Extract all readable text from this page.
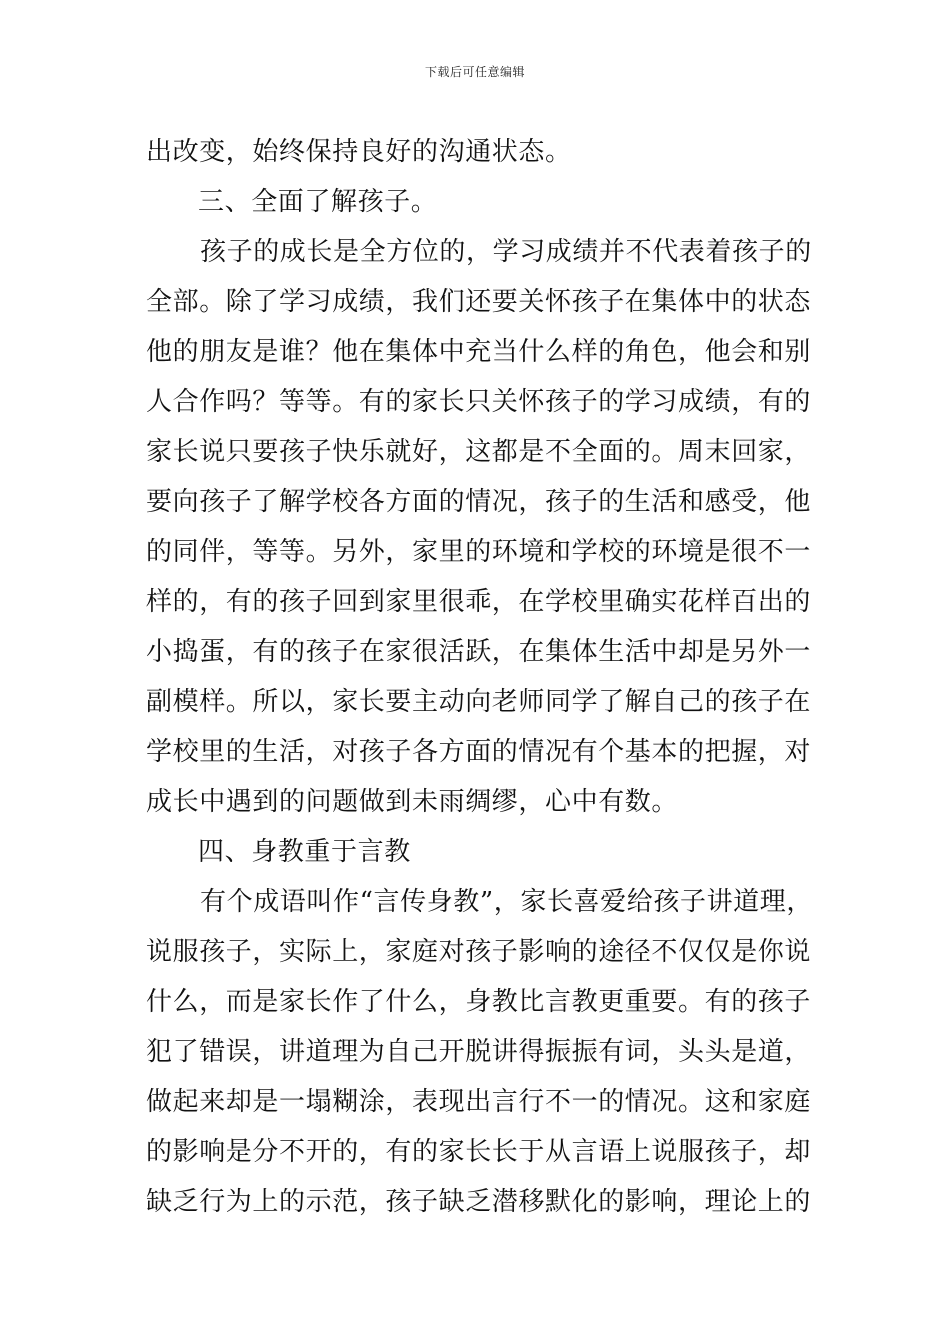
下载后可任意编辑
出改变，始终保持良好的沟通状态。
三、全面了解孩子。
孩子的成长是全方位的，学习成绩并不代表着孩子的
全部。除了学习成绩，我们还要关怀孩子在集体中的状态
他的朋友是谁？他在集体中充当什么样的角色，他会和别
人合作吗？等等。有的家长只关怀孩子的学习成绩，有的
家长说只要孩子快乐就好，这都是不全面的。周末回家，
要向孩子了解学校各方面的情况，孩子的生活和感受，他
的同伴，等等。另外，家里的环境和学校的环境是很不一
样的，有的孩子回到家里很乖，在学校里确实花样百出的
小捣蛋，有的孩子在家很活跃，在集体生活中却是另外一
副模样。所以，家长要主动向老师同学了解自己的孩子在
学校里的生活，对孩子各方面的情况有个基本的把握，对
成长中遇到的问题做到未雨绸缪，心中有数。
四、身教重于言教
有个成语叫作“言传身教”，家长喜爱给孩子讲道理，
说服孩子，实际上，家庭对孩子影响的途径不仅仅是你说
什么，而是家长作了什么，身教比言教更重要。有的孩子
犯了错误，讲道理为自己开脱讲得振振有词，头头是道，
做起来却是一塌糊涂，表现出言行不一的情况。这和家庭
的影响是分不开的，有的家长长于从言语上说服孩子，却
缺乏行为上的示范，孩子缺乏潜移默化的影响，理论上的
